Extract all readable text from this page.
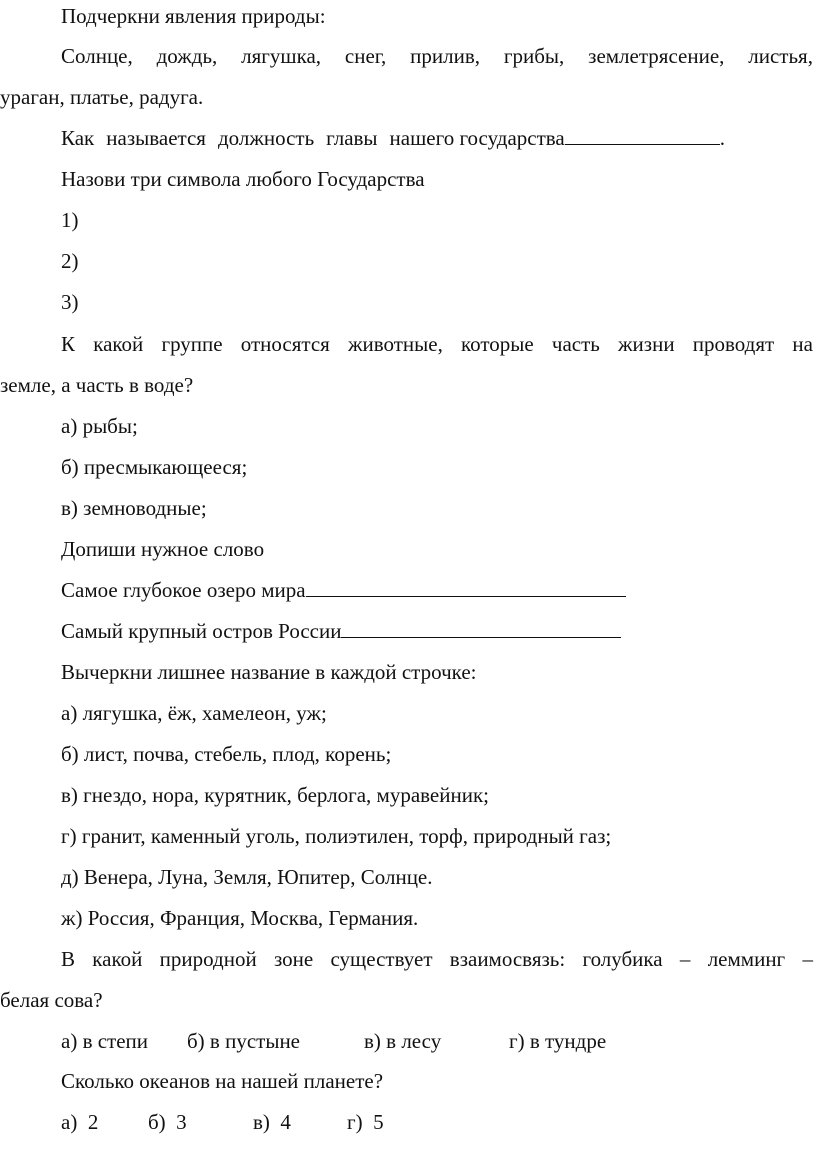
Подчеркни явления природы:
Солнце, дождь, лягушка, снег, прилив, грибы, землетрясение, листья,
ураган, платье, радуга.
Как называется должность главы нашего государства	.
Назови три символа любого Государства
1)
2)
3)
К какой группе относятся животные, которые часть жизни проводят на
земле, а часть в воде?
а) рыбы;
б) пресмыкающееся;
в) земноводные;
Допиши нужное слово
Самое глубокое озеро мира
Самый крупный остров России
Вычеркни лишнее название в каждой строчке:
а) лягушка, ёж, хамелеон, уж;
б) лист, почва, стебель, плод, корень;
в) гнездо, нора, курятник, берлога, муравейник;
г) гранит, каменный уголь, полиэтилен, торф, природный газ;
д) Венера, Луна, Земля, Юпитер, Солнце.
ж) Россия, Франция, Москва, Германия.
В какой природной зоне существует взаимосвязь: голубика – лемминг –
белая сова?
а) в степи б) в пустыне	в) в лесу	г) в тундре
Сколько океанов на нашей планете?
а)  2 б)  3	в)  4	г)  5
